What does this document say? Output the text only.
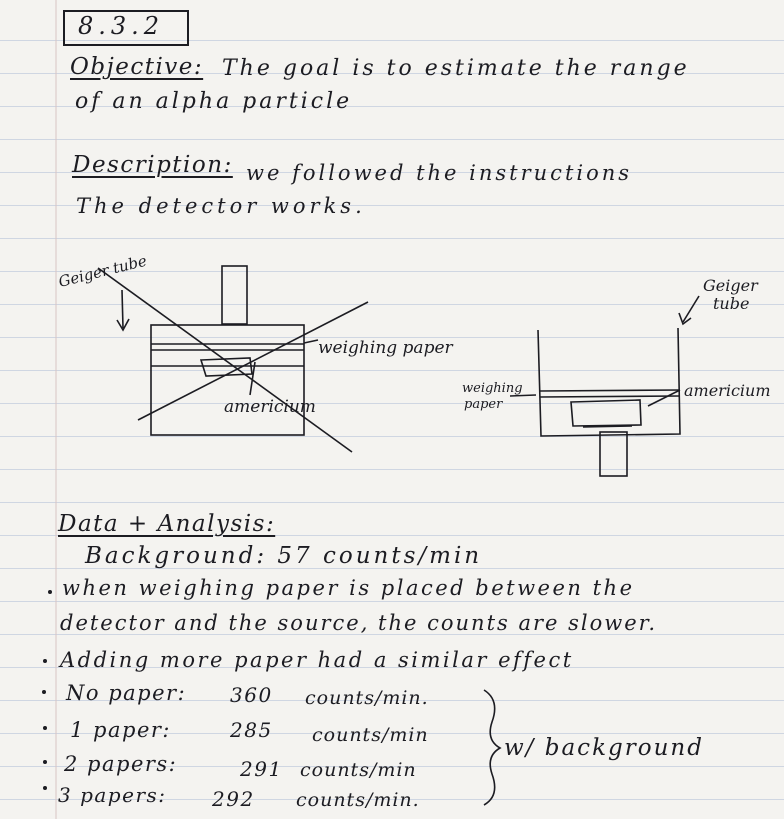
8.3.2
Objective: The goal is to estimate the range
of an alpha particle
Description: we followed the instructions
The detector works.
Geiger tube
weighing paper
americium
Geiger
tube
weighing
paper
americium
Data + Analysis:
Background: 57 counts/min
when weighing paper is placed between the
detector and the source, the counts are slower.
Adding more paper had a similar effect
No paper: 360 counts/min.
1 paper:	285 counts/min
2 papers:	291 counts/min
3 papers: 292 counts/min.
w/ background
